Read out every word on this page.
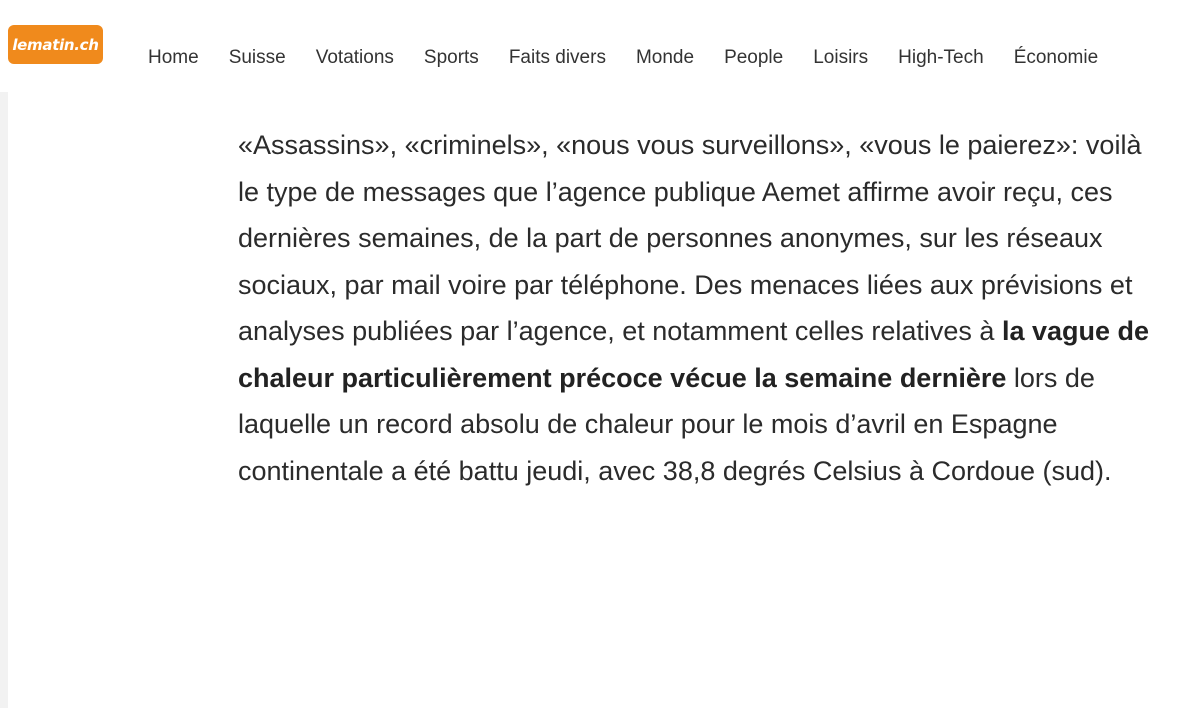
lematin.ch
Home	Suisse	Votations	Sports	Faits divers	Monde	People	Loisirs	High-Tech	Économie

«Assassins», «criminels», «nous vous surveillons», «vous le paierez»: voilà le type de messages que l’agence publique Aemet affirme avoir reçu, ces dernières semaines, de la part de personnes anonymes, sur les réseaux sociaux, par mail voire par téléphone. Des menaces liées aux prévisions et analyses publiées par l’agence, et notamment celles relatives à la vague de chaleur particulièrement précoce vécue la semaine dernière lors de laquelle un record absolu de chaleur pour le mois d’avril en Espagne continentale a été battu jeudi, avec 38,8 degrés Celsius à Cordoue (sud).
